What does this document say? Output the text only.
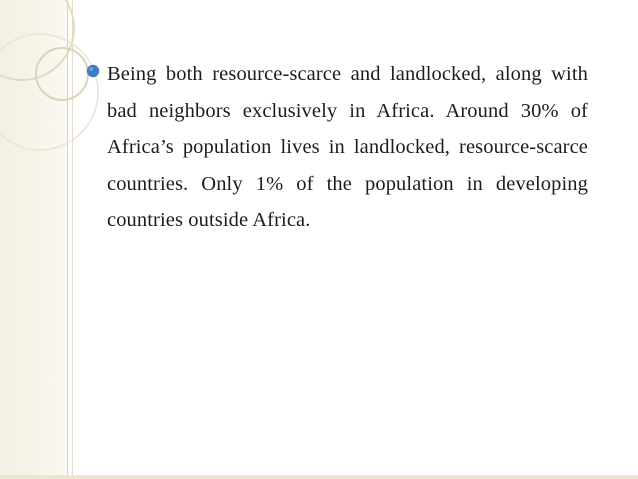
Being both resource-scarce and landlocked, along with bad neighbors exclusively in Africa. Around 30% of Africa’s population lives in landlocked, resource-scarce countries. Only 1% of the population in developing countries outside Africa.
